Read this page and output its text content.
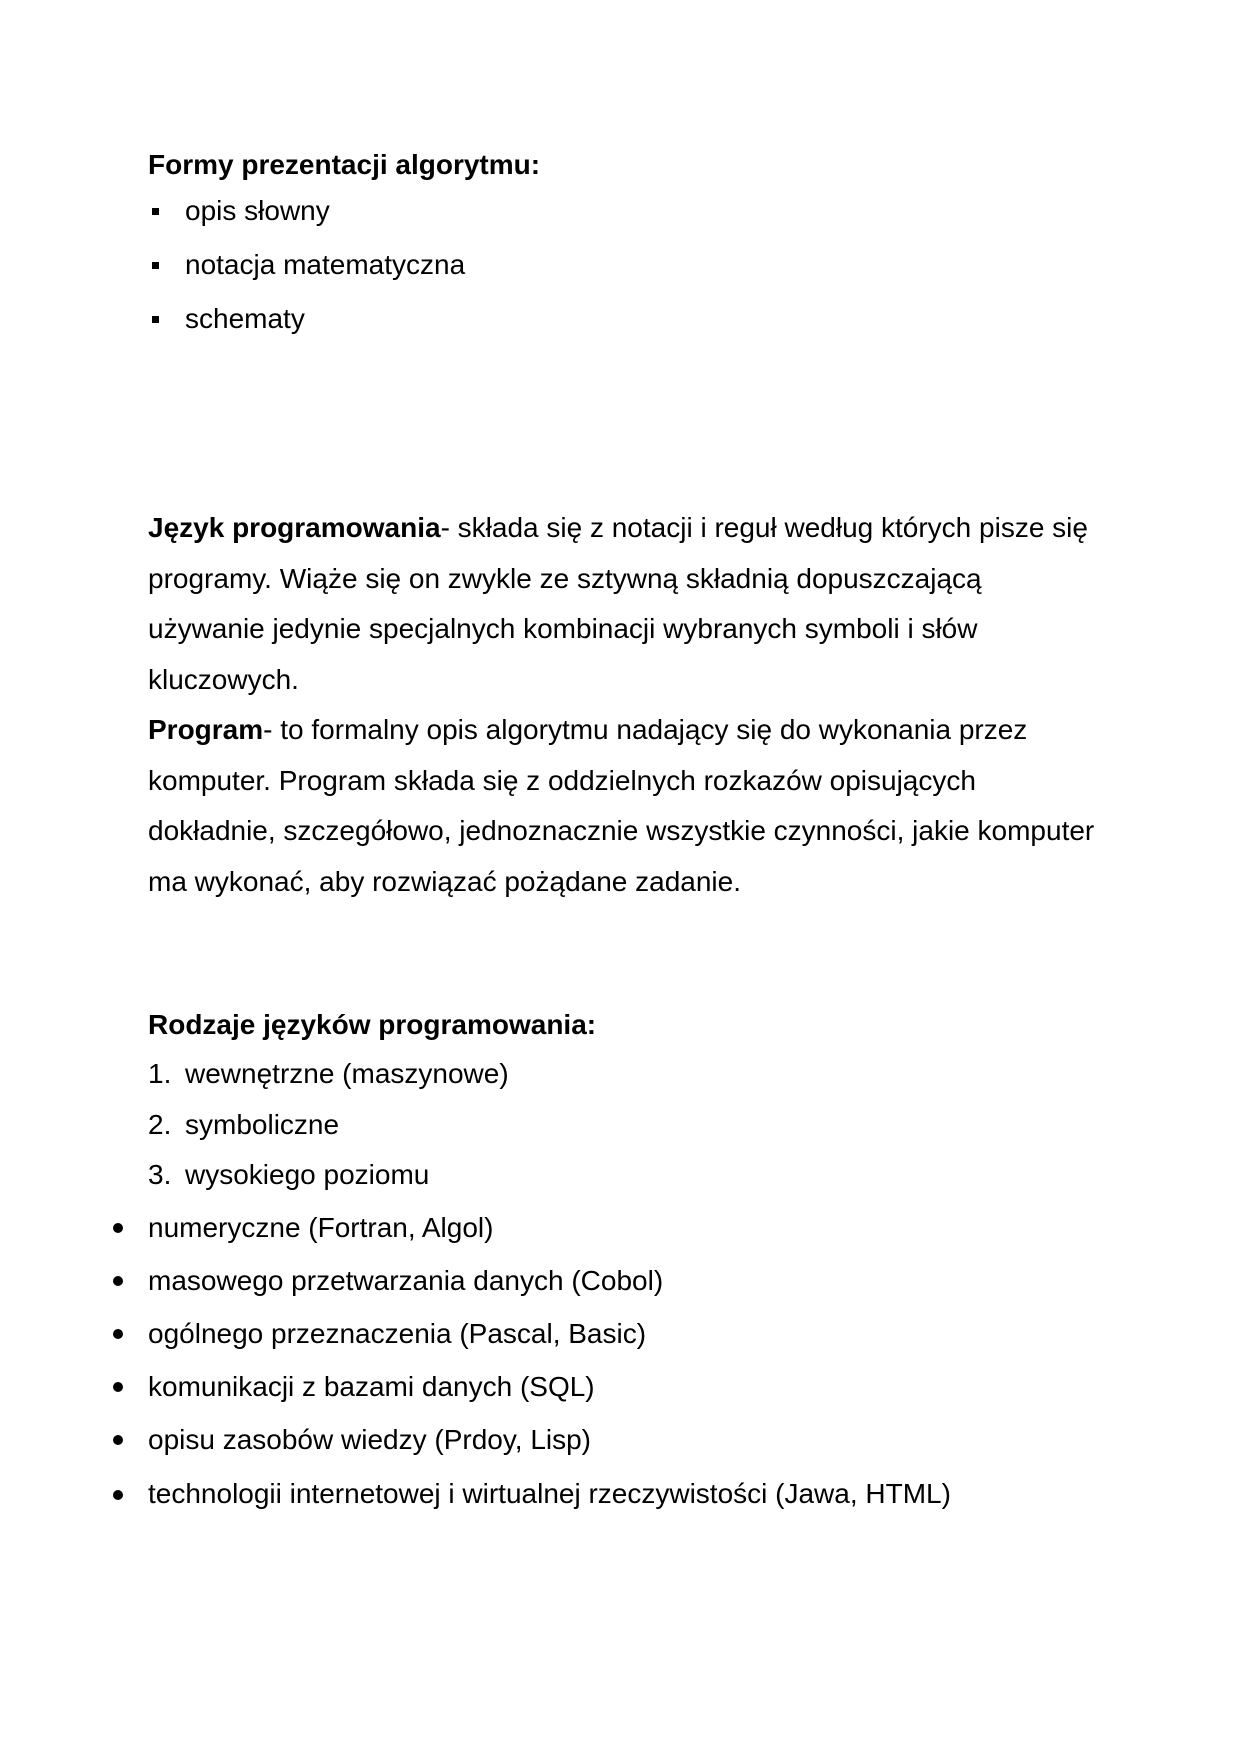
Formy prezentacji algorytmu:

opis słowny
notacja matematyczna
schematy

Język programowania- składa się z notacji i reguł według których pisze się programy. Wiąże się on zwykle ze sztywną składnią dopuszczającą używanie jedynie specjalnych kombinacji wybranych symboli i słów kluczowych.

Program- to formalny opis algorytmu nadający się do wykonania przez komputer. Program składa się z oddzielnych rozkazów opisujących dokładnie, szczegółowo, jednoznacznie wszystkie czynności, jakie komputer ma wykonać, aby rozwiązać pożądane zadanie.

Rodzaje języków programowania:

1. wewnętrzne (maszynowe)
2. symboliczne
3. wysokiego poziomu
numeryczne (Fortran, Algol)
masowego przetwarzania danych (Cobol)
ogólnego przeznaczenia (Pascal, Basic)
komunikacji z bazami danych (SQL)
opisu zasobów wiedzy (Prdoy, Lisp)
technologii internetowej i wirtualnej rzeczywistości (Jawa, HTML)
